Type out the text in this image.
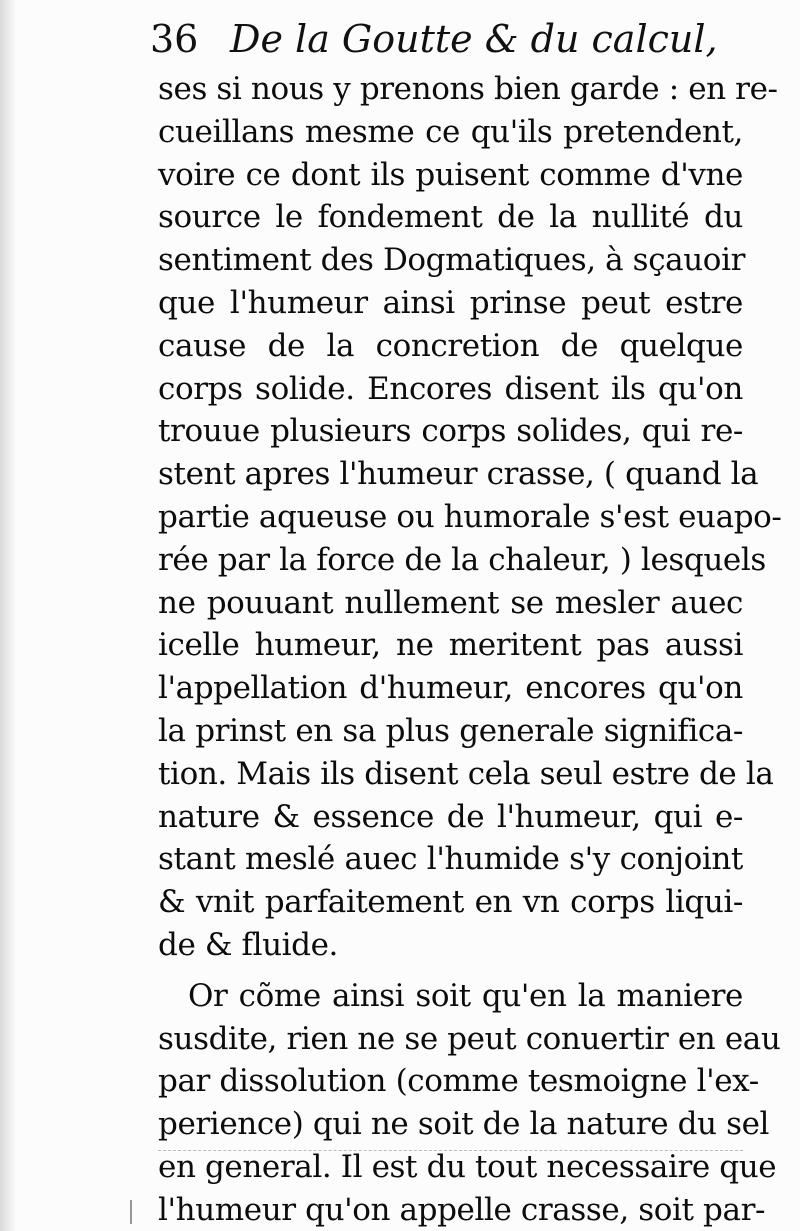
36 De la Goutte & du calcul,
ses si nous y prenons bien garde : en re-
cueillans mesme ce qu'ils pretendent,
voire ce dont ils puisent comme d'vne
source le fondement de la nullité du
sentiment des Dogmatiques, à sçauoir
que l'humeur ainsi prinse peut estre
cause de la concretion de quelque
corps solide. Encores disent ils qu'on
trouue plusieurs corps solides, qui re-
stent apres l'humeur crasse, ( quand la
partie aqueuse ou humorale s'est euapo-
rée par la force de la chaleur, ) lesquels
ne pouuant nullement se mesler auec
icelle humeur, ne meritent pas aussi
l'appellation d'humeur, encores qu'on
la prinst en sa plus generale significa-
tion. Mais ils disent cela seul estre de la
nature & essence de l'humeur, qui e-
stant meslé auec l'humide s'y conjoint
& vnit parfaitement en vn corps liqui-
de & fluide.
Or cõme ainsi soit qu'en la maniere
susdite, rien ne se peut conuertir en eau
par dissolution (comme tesmoigne l'ex-
perience) qui ne soit de la nature du sel
en general. Il est du tout necessaire que
l'humeur qu'on appelle crasse, soit par-
